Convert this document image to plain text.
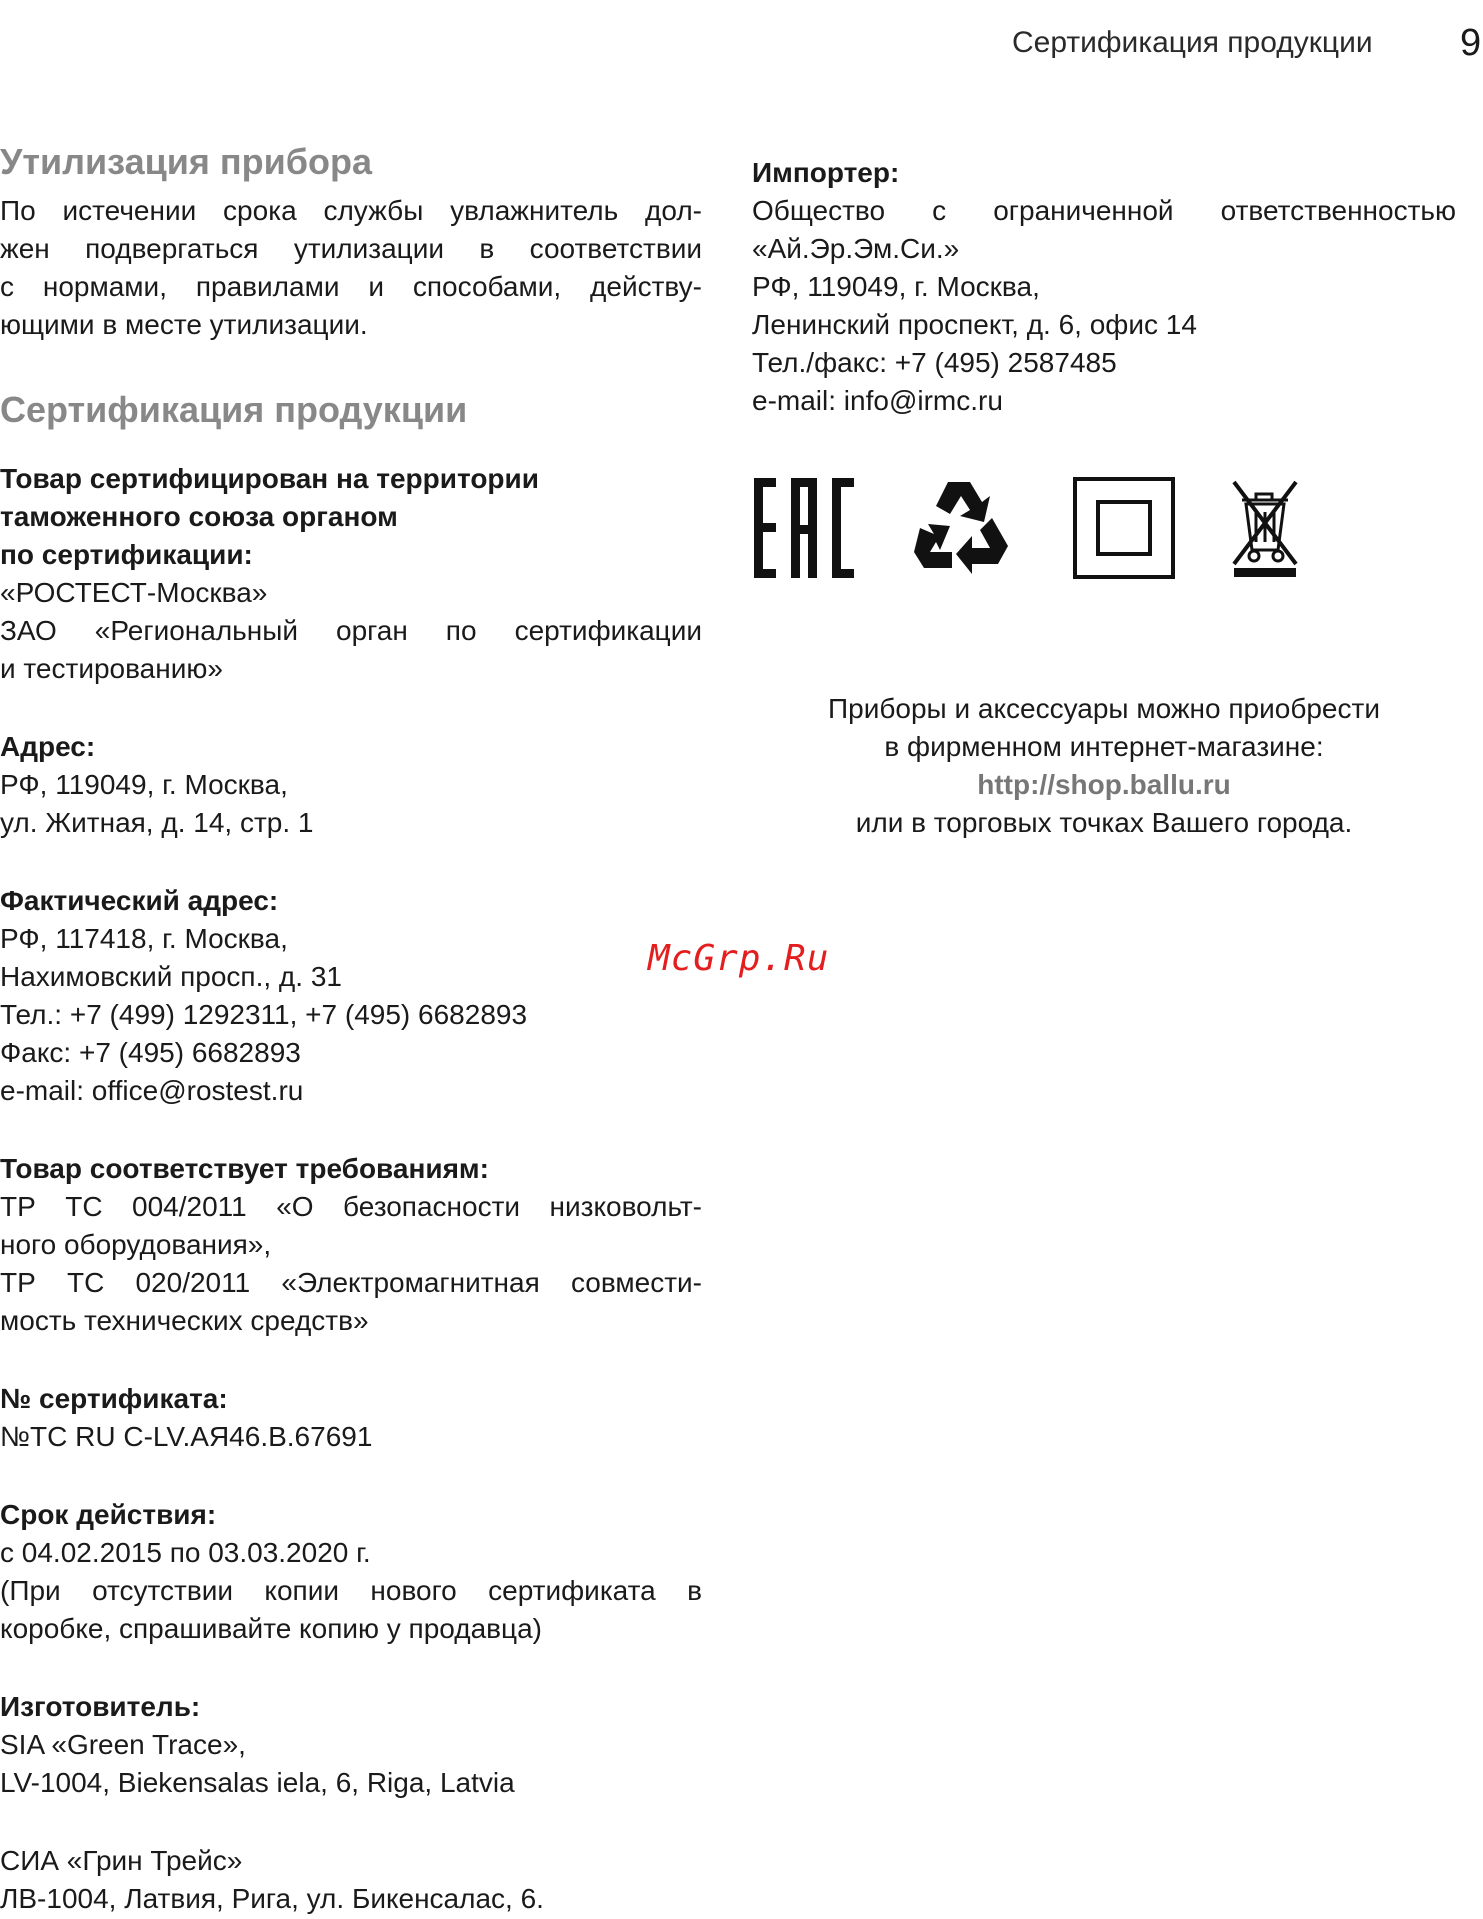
Сертификация продукции 9
Утилизация прибора
По истечении срока службы увлажнитель дол-
жен подвергаться утилизации в соответствии
с нормами, правилами и способами, действу-
ющими в месте утилизации.
Сертификация продукции
Товар сертифицирован на территории
таможенного союза органом
по сертификации:
«РОСТЕСТ-Москва»
ЗАО «Региональный орган по сертификации
и тестированию»
Адрес:
РФ, 119049, г. Москва,
ул. Житная, д. 14, стр. 1
Фактический адрес:
РФ, 117418, г. Москва,
Нахимовский просп., д. 31
Тел.: +7 (499) 1292311, +7 (495) 6682893
Факс: +7 (495) 6682893
e-mail: office@rostest.ru
Товар соответствует требованиям:
ТР ТС 004/2011 «О безопасности низковольт-
ного оборудования»,
ТР ТС 020/2011 «Электромагнитная совмести-
мость технических средств»
№ сертификата:
№ТС RU C-LV.АЯ46.В.67691
Срок действия:
с 04.02.2015 по 03.03.2020 г.
(При отсутствии копии нового сертификата в
коробке, спрашивайте копию у продавца)
Изготовитель:
SIA «Green Trace»,
LV-1004, Biekensalas iela, 6, Riga, Latvia
СИА «Грин Трейс»
ЛВ-1004, Латвия, Рига, ул. Бикенсалас, 6.
Импортер:
Общество с ограниченной ответственностью
«Ай.Эр.Эм.Си.»
РФ, 119049, г. Москва,
Ленинский проспект, д. 6, офис 14
Тел./факс: +7 (495) 2587485
e-mail: info@irmc.ru
Приборы и аксессуары можно приобрести
в фирменном интернет-магазине:
http://shop.ballu.ru
или в торговых точках Вашего города.
McGrp.Ru
